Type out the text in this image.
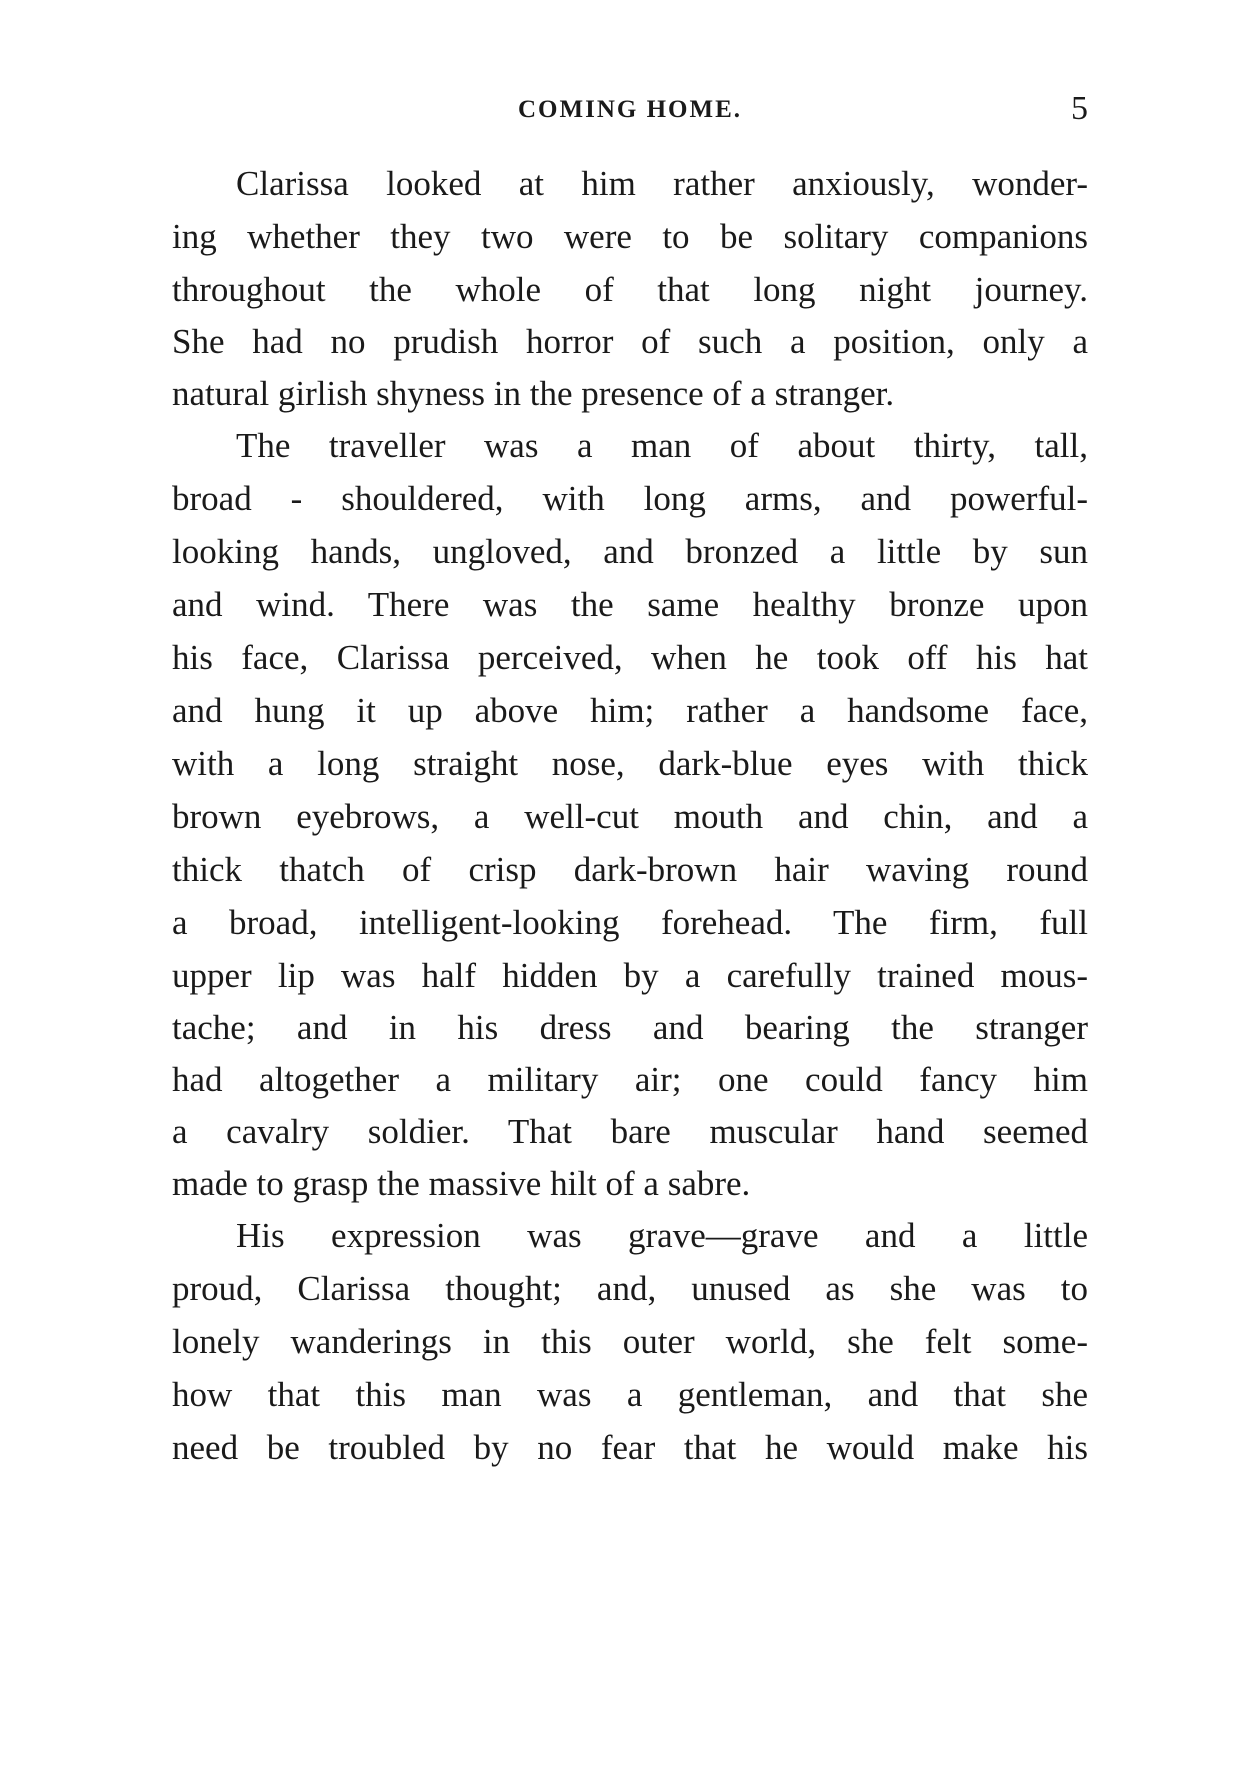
COMING HOME.	5
Clarissa looked at him rather anxiously, wonder-
ing whether they two were to be solitary companions
throughout the whole of that long night journey.
She had no prudish horror of such a position, only a
natural girlish shyness in the presence of a stranger.
The traveller was a man of about thirty, tall,
broad - shouldered, with long arms, and powerful-
looking hands, ungloved, and bronzed a little by sun
and wind. There was the same healthy bronze upon
his face, Clarissa perceived, when he took off his hat
and hung it up above him; rather a handsome face,
with a long straight nose, dark-blue eyes with thick
brown eyebrows, a well-cut mouth and chin, and a
thick thatch of crisp dark-brown hair waving round
a broad, intelligent-looking forehead. The firm, full
upper lip was half hidden by a carefully trained mous-
tache; and in his dress and bearing the stranger
had altogether a military air; one could fancy him
a cavalry soldier. That bare muscular hand seemed
made to grasp the massive hilt of a sabre.
His expression was grave—grave and a little
proud, Clarissa thought; and, unused as she was to
lonely wanderings in this outer world, she felt some-
how that this man was a gentleman, and that she
need be troubled by no fear that he would make his
